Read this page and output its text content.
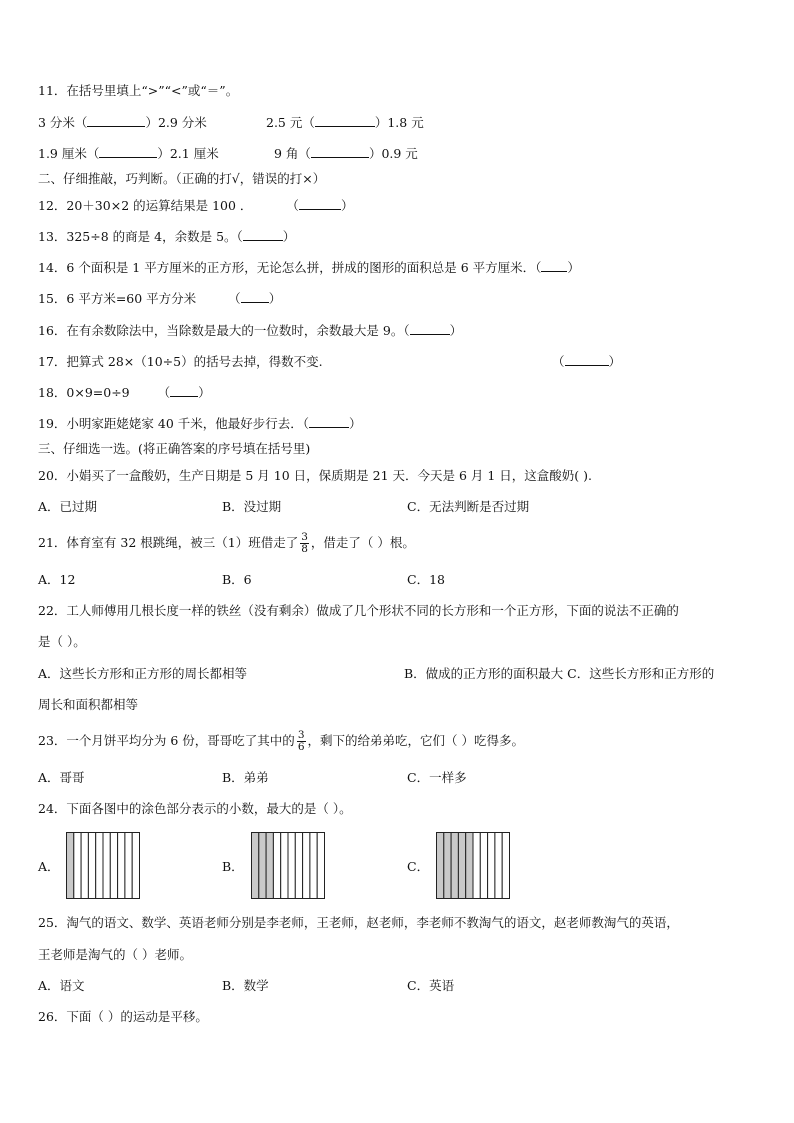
11．在括号里填上“>”“<”或“＝”。
3 分米（	）2.9 分米	2.5 元（	）1.8 元
1.9 厘米（	）2.1 厘米	9 角（	）0.9 元
二、仔细推敲，巧判断。（正确的打√，错误的打×）
12．20＋30×2 的运算结果是 100 ．	（	）
13．325÷8 的商是 4，余数是 5。（	）
14．6 个面积是 1 平方厘米的正方形，无论怎么拼，拼成的图形的面积总是 6 平方厘米．（ ）
15．6 平方米=60 平方分米	（ ）
16．在有余数除法中，当除数是最大的一位数时，余数最大是 9。（	）
17．把算式 28×（10÷5）的括号去掉，得数不变.	（	）
18．0×9=0÷9 （ ）
19．小明家距姥姥家 40 千米，他最好步行去．（	）
三、仔细选一选。(将正确答案的序号填在括号里)
20．小娟买了一盒酸奶，生产日期是 5 月 10 日，保质期是 21 天．今天是 6 月 1 日，这盒酸奶( ).
A．已过期	B．没过期	C．无法判断是否过期
21．体育室有 32 根跳绳，被三（1）班借走了 $\frac{3}{8}$ ，借走了（ ）根。
A．12	B．6	C．18
22．工人师傅用几根长度一样的铁丝（没有剩余）做成了几个形状不同的长方形和一个正方形，下面的说法不正确的
是（ ）。
A．这些长方形和正方形的周长都相等	B．做成的正方形的面积最大 C．这些长方形和正方形的
周长和面积都相等
23．一个月饼平均分为 6 份，哥哥吃了其中的 $\frac{3}{6}$ ，剩下的给弟弟吃，它们（ ）吃得多。
A．哥哥	B．弟弟	C．一样多
24．下面各图中的涂色部分表示的小数，最大的是（ ）。
A．	B．	C．
25．淘气的语文、数学、英语老师分别是李老师，王老师，赵老师，李老师不教淘气的语文，赵老师教淘气的英语，
王老师是淘气的（ ）老师。
A．语文	B．数学	C．英语
26．下面（ ）的运动是平移。
